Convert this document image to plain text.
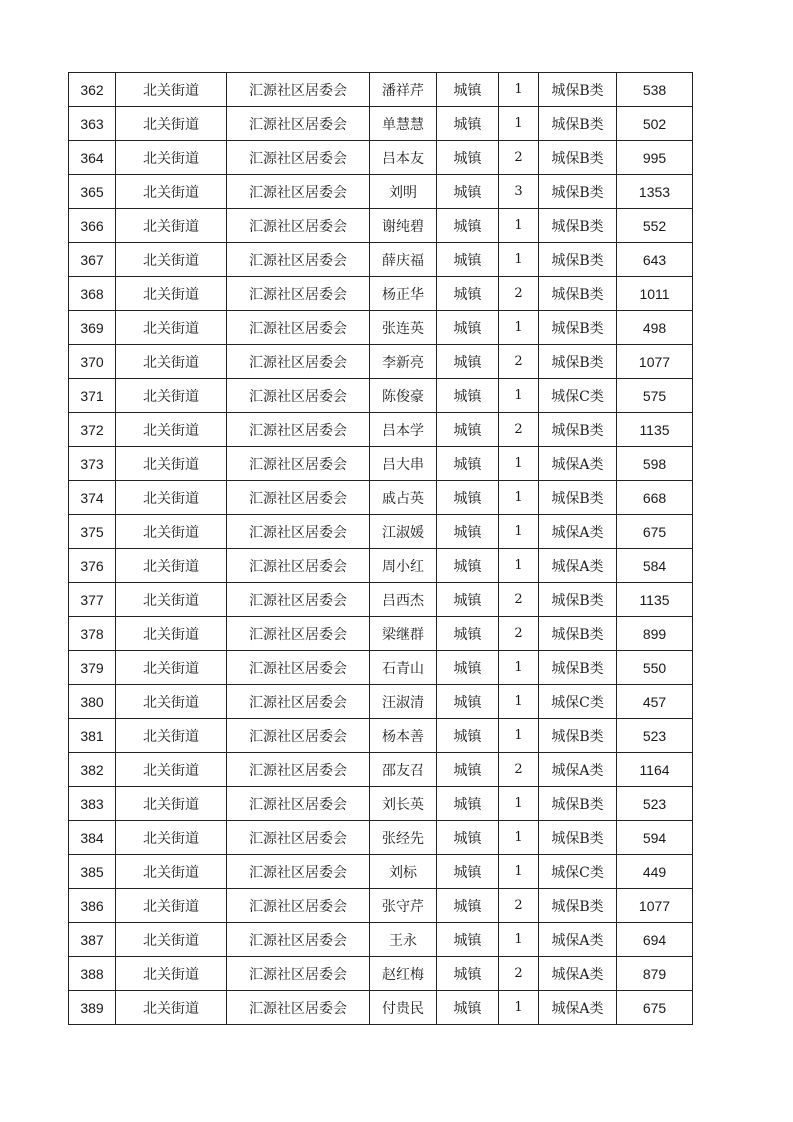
362	北关街道	汇源社区居委会	潘祥芹	城镇	1	城保B类	538
363	北关街道	汇源社区居委会	单慧慧	城镇	1	城保B类	502
364	北关街道	汇源社区居委会	吕本友	城镇	2	城保B类	995
365	北关街道	汇源社区居委会	刘明	城镇	3	城保B类	1353
366	北关街道	汇源社区居委会	谢纯碧	城镇	1	城保B类	552
367	北关街道	汇源社区居委会	薛庆福	城镇	1	城保B类	643
368	北关街道	汇源社区居委会	杨正华	城镇	2	城保B类	1011
369	北关街道	汇源社区居委会	张连英	城镇	1	城保B类	498
370	北关街道	汇源社区居委会	李新亮	城镇	2	城保B类	1077
371	北关街道	汇源社区居委会	陈俊豪	城镇	1	城保C类	575
372	北关街道	汇源社区居委会	吕本学	城镇	2	城保B类	1135
373	北关街道	汇源社区居委会	吕大串	城镇	1	城保A类	598
374	北关街道	汇源社区居委会	戚占英	城镇	1	城保B类	668
375	北关街道	汇源社区居委会	江淑媛	城镇	1	城保A类	675
376	北关街道	汇源社区居委会	周小红	城镇	1	城保A类	584
377	北关街道	汇源社区居委会	吕西杰	城镇	2	城保B类	1135
378	北关街道	汇源社区居委会	梁继群	城镇	2	城保B类	899
379	北关街道	汇源社区居委会	石青山	城镇	1	城保B类	550
380	北关街道	汇源社区居委会	汪淑清	城镇	1	城保C类	457
381	北关街道	汇源社区居委会	杨本善	城镇	1	城保B类	523
382	北关街道	汇源社区居委会	邵友召	城镇	2	城保A类	1164
383	北关街道	汇源社区居委会	刘长英	城镇	1	城保B类	523
384	北关街道	汇源社区居委会	张经先	城镇	1	城保B类	594
385	北关街道	汇源社区居委会	刘标	城镇	1	城保C类	449
386	北关街道	汇源社区居委会	张守芹	城镇	2	城保B类	1077
387	北关街道	汇源社区居委会	王永	城镇	1	城保A类	694
388	北关街道	汇源社区居委会	赵红梅	城镇	2	城保A类	879
389	北关街道	汇源社区居委会	付贵民	城镇	1	城保A类	675
